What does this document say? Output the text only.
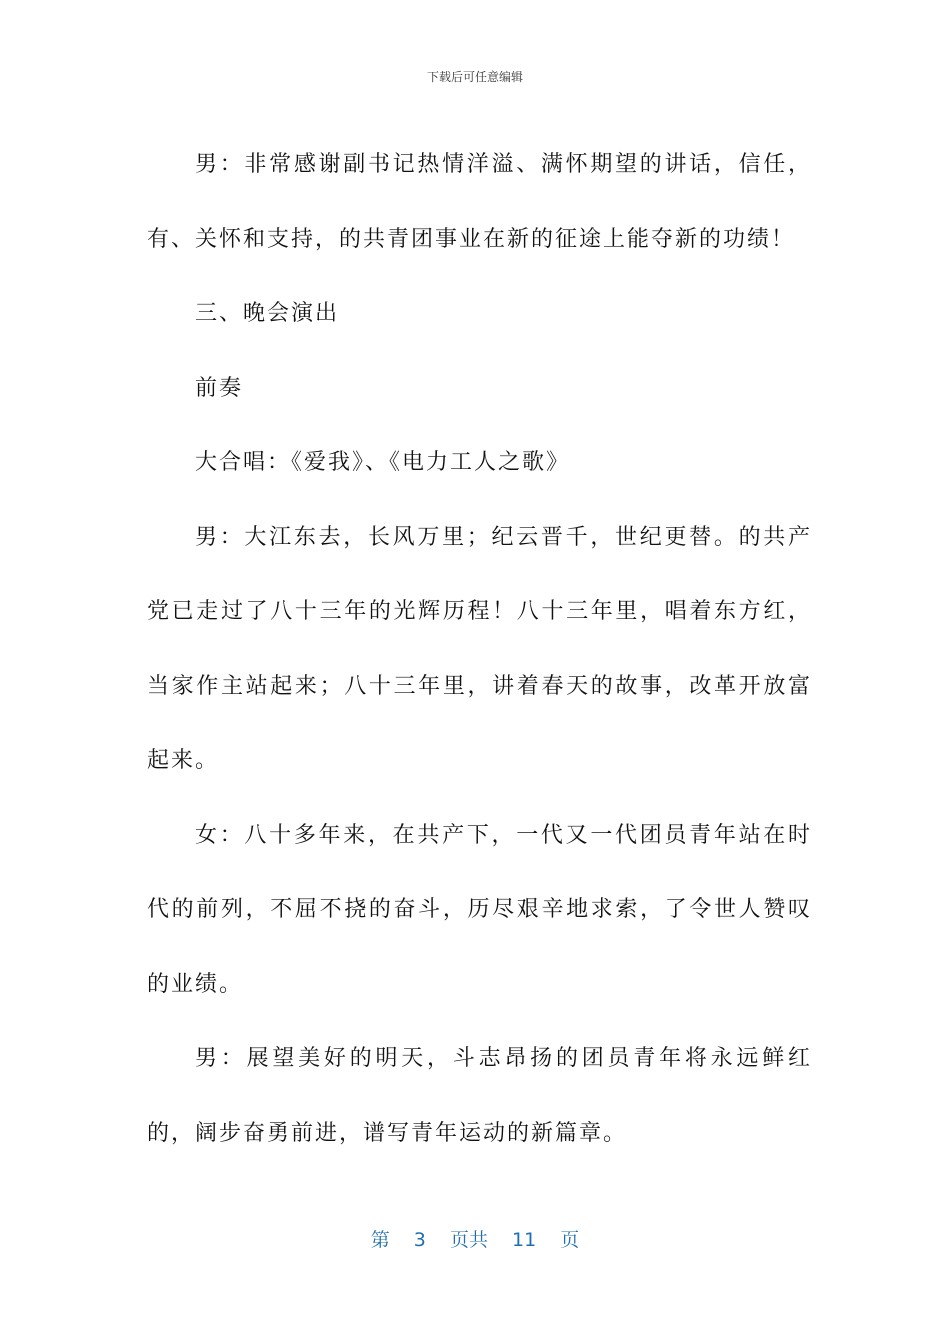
下载后可任意编辑

男：非常感谢副书记热情洋溢、满怀期望的讲话，信任，有、关怀和支持，的共青团事业在新的征途上能夺新的功绩！

三、晚会演出

前奏

大合唱：《爱我》、《电力工人之歌》

男：大江东去，长风万里；纪云晋千，世纪更替。的共产党已走过了八十三年的光辉历程！八十三年里，唱着东方红，当家作主站起来；八十三年里，讲着春天的故事，改革开放富起来。

女：八十多年来，在共产下，一代又一代团员青年站在时代的前列，不屈不挠的奋斗，历尽艰辛地求索，了令世人赞叹的业绩。

男：展望美好的明天，斗志昂扬的团员青年将永远鲜红的，阔步奋勇前进，谱写青年运动的新篇章。

第 3 页共 11 页
